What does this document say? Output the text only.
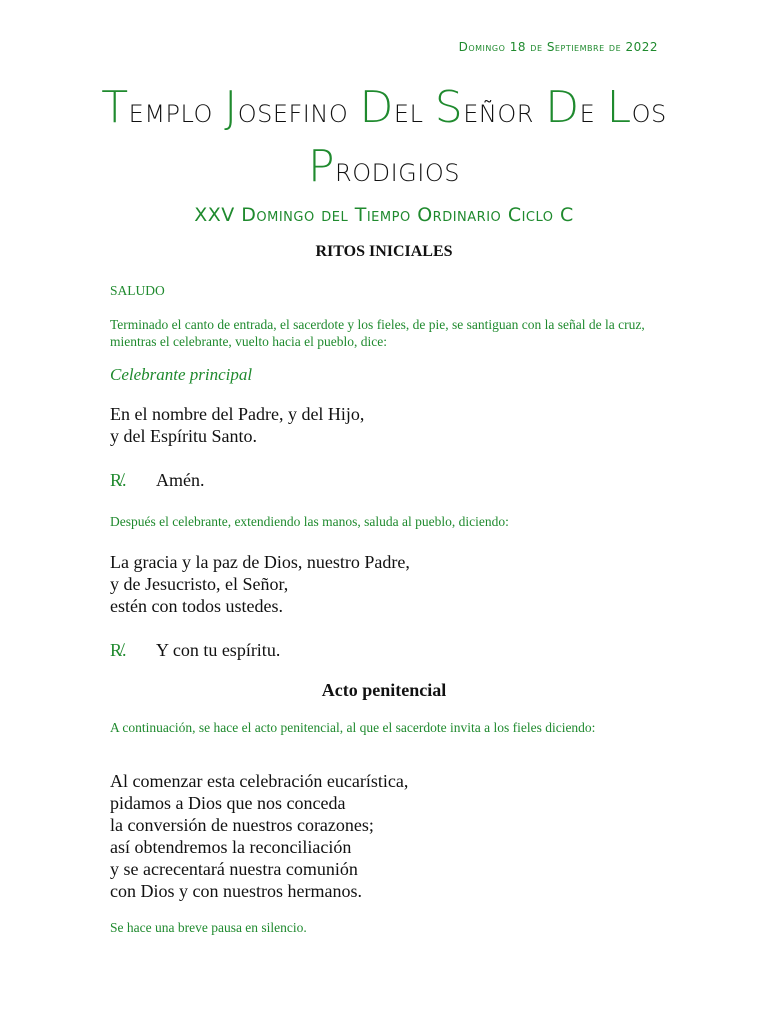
Domingo 18 de Septiembre de 2022
Templo Josefino Del Señor De Los
Prodigios
XXV Domingo del Tiempo Ordinario Ciclo C
RITOS INICIALES
SALUDO
Terminado el canto de entrada, el sacerdote y los fieles, de pie, se santiguan con la señal de la cruz, mientras el celebrante, vuelto hacia el pueblo, dice:
Celebrante principal
En el nombre del Padre, y del Hijo,
y del Espíritu Santo.
R̸.	Amén.
Después el celebrante, extendiendo las manos, saluda al pueblo, diciendo:
La gracia y la paz de Dios, nuestro Padre,
y de Jesucristo, el Señor,
estén con todos ustedes.
R̸.	Y con tu espíritu.
Acto penitencial
A continuación, se hace el acto penitencial, al que el sacerdote invita a los fieles diciendo:
Al comenzar esta celebración eucarística,
pidamos a Dios que nos conceda
la conversión de nuestros corazones;
así obtendremos la reconciliación
y se acrecentará nuestra comunión
con Dios y con nuestros hermanos.
Se hace una breve pausa en silencio.
